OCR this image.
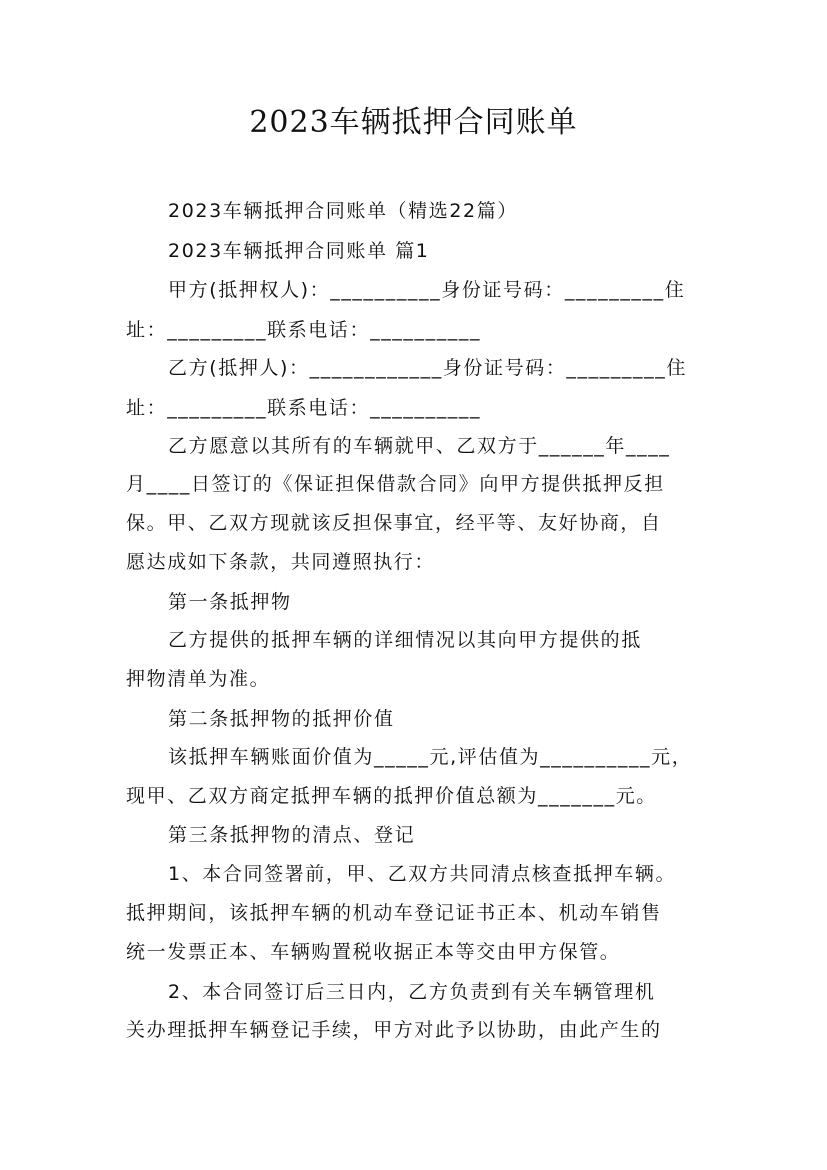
2023车辆抵押合同账单

2023车辆抵押合同账单（精选22篇）

2023车辆抵押合同账单 篇1

甲方(抵押权人)：__________身份证号码：_________住

址：_________联系电话：__________

乙方(抵押人)：____________身份证号码：_________住

址：_________联系电话：__________

乙方愿意以其所有的车辆就甲、乙双方于______年____

月____日签订的《保证担保借款合同》向甲方提供抵押反担

保。甲、乙双方现就该反担保事宜，经平等、友好协商，自

愿达成如下条款，共同遵照执行：

第一条抵押物

乙方提供的抵押车辆的详细情况以其向甲方提供的抵

押物清单为准。

第二条抵押物的抵押价值

该抵押车辆账面价值为_____元,评估值为__________元，

现甲、乙双方商定抵押车辆的抵押价值总额为_______元。

第三条抵押物的清点、登记

1、本合同签署前，甲、乙双方共同清点核查抵押车辆。

抵押期间，该抵押车辆的机动车登记证书正本、机动车销售

统一发票正本、车辆购置税收据正本等交由甲方保管。

2、本合同签订后三日内，乙方负责到有关车辆管理机

关办理抵押车辆登记手续，甲方对此予以协助，由此产生的
